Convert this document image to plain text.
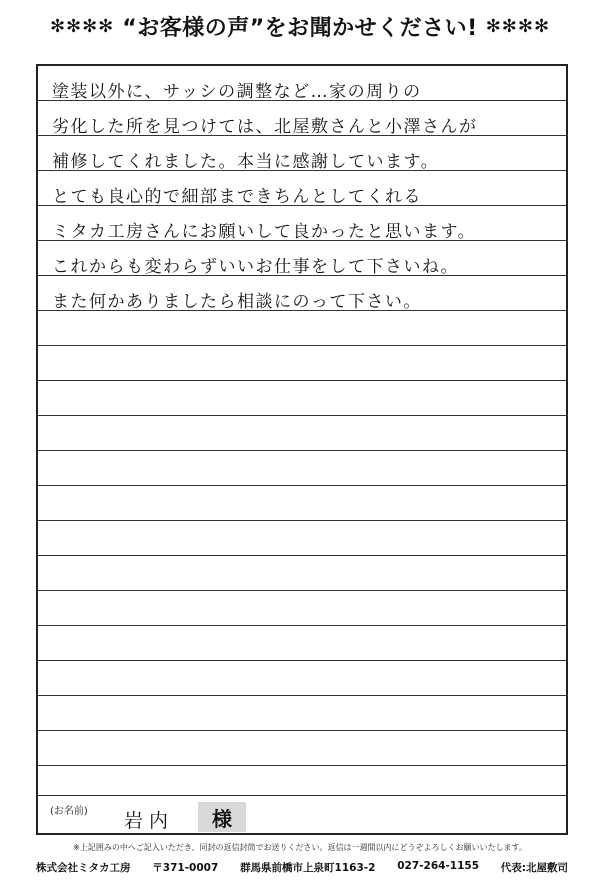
✻✻✻✻ “お客様の声”をお聞かせください! ✻✻✻✻
塗装以外に、サッシの調整など…家の周りの
劣化した所を見つけては、北屋敷さんと小澤さんが
補修してくれました。本当に感謝しています。
とても良心的で細部まできちんとしてくれる
ミタカ工房さんにお願いして良かったと思います。
これからも変わらずいいお仕事をして下さいね。
また何かありましたら相談にのって下さい。
(お名前) 岩内 様
※上記囲みの中へご記入いただき、同封の返信封筒でお送りください。返信は一週間以内にどうぞよろしくお願いいたします。
株式会社ミタカ工房 〒371-0007 群馬県前橋市上泉町1163-2 027-264-1155 代表:北屋敷司
